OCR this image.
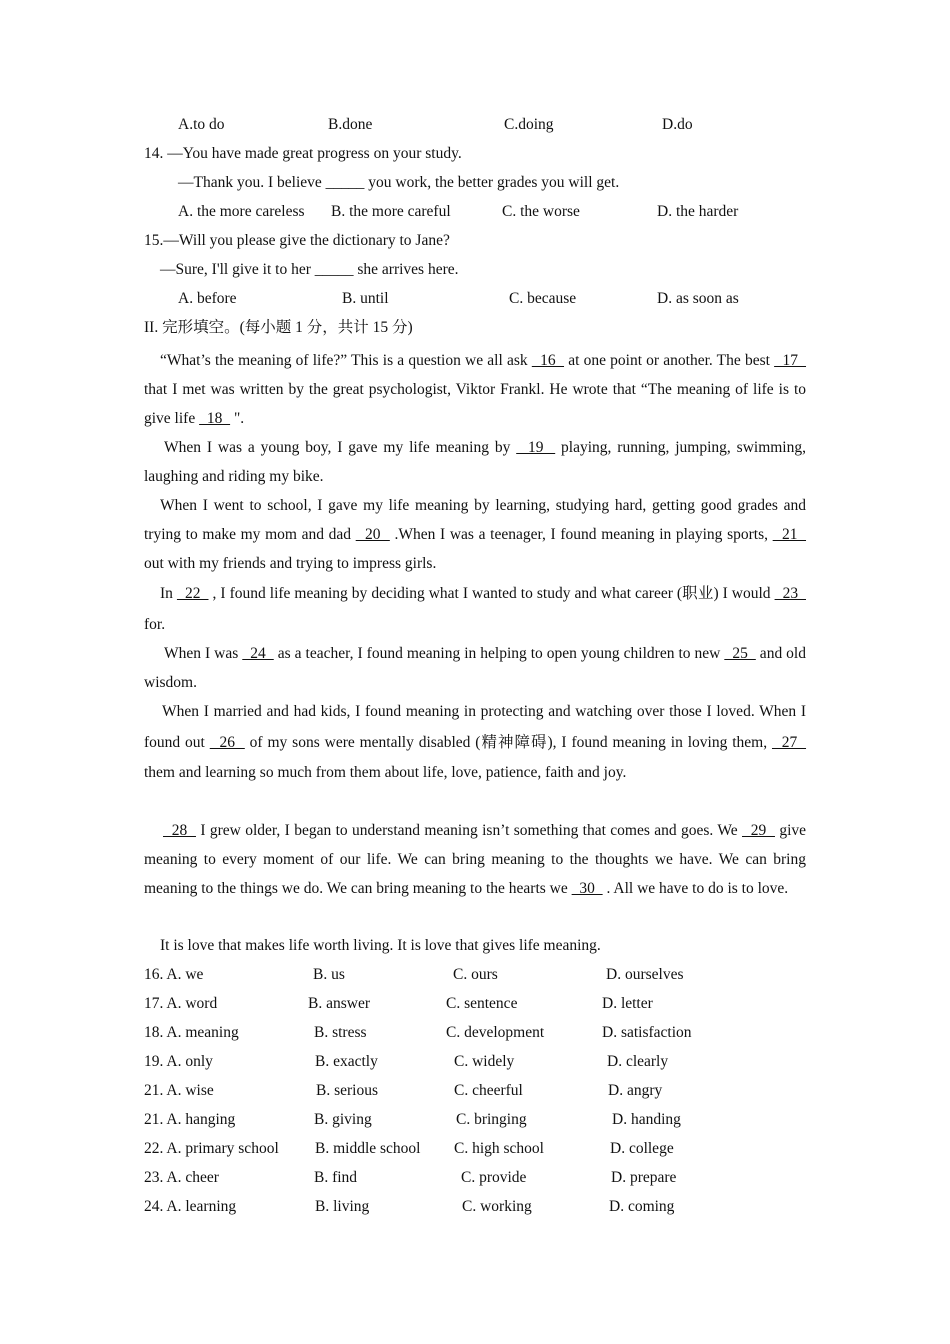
A.to do	B.done	C.doing	D.do
14. —You have made great progress on your study.
—Thank you. I believe _____ you work, the better grades you will get.
A. the more careless B. the more careful	C. the worse	D. the harder
15.—Will you please give the dictionary to Jane?
—Sure, I'll give it to her _____ she arrives here.
A. before	B. until	C. because	D. as soon as
II. 完形填空。(每小题 1 分，共计 15 分)
“What’s the meaning of life?” This is a question we all ask   16   at one point or another. The best   17   that I met was written by the great psychologist, Viktor Frankl. He wrote that “The meaning of life is to give life   18   ".
When I was a young boy, I gave my life meaning by   19   playing, running, jumping, swimming, laughing and riding my bike.
When I went to school, I gave my life meaning by learning, studying hard, getting good grades and trying to make my mom and dad   20   .When I was a teenager, I found meaning in playing sports,   21   out with my friends and trying to impress girls.
In   22   , I found life meaning by deciding what I wanted to study and what career (职业) I would   23   for.
When I was   24   as a teacher, I found meaning in helping to open young children to new   25   and old wisdom.
When I married and had kids, I found meaning in protecting and watching over those I loved. When I found out   26   of my sons were mentally disabled (精神障碍), I found meaning in loving them,   27   them and learning so much from them about life, love, patience, faith and joy.
28   I grew older, I began to understand meaning isn’t something that comes and goes. We   29   give meaning to every moment of our life. We can bring meaning to the thoughts we have. We can bring meaning to the things we do. We can bring meaning to the hearts we   30   . All we have to do is to love.
It is love that makes life worth living. It is love that gives life meaning.
16. A. we	B. us	C. ours	D. ourselves
17. A. word	B. answer	C. sentence	D. letter
18. A. meaning	B. stress	C. development	D. satisfaction
19. A. only	B. exactly	C. widely	D. clearly
21. A. wise	B. serious	C. cheerful	D. angry
21. A. hanging	B. giving	C. bringing	D. handing
22. A. primary school B. middle school C. high school	D. college
23. A. cheer	B. find	C. provide	D. prepare
24. A. learning	B. living	C. working	D. coming
